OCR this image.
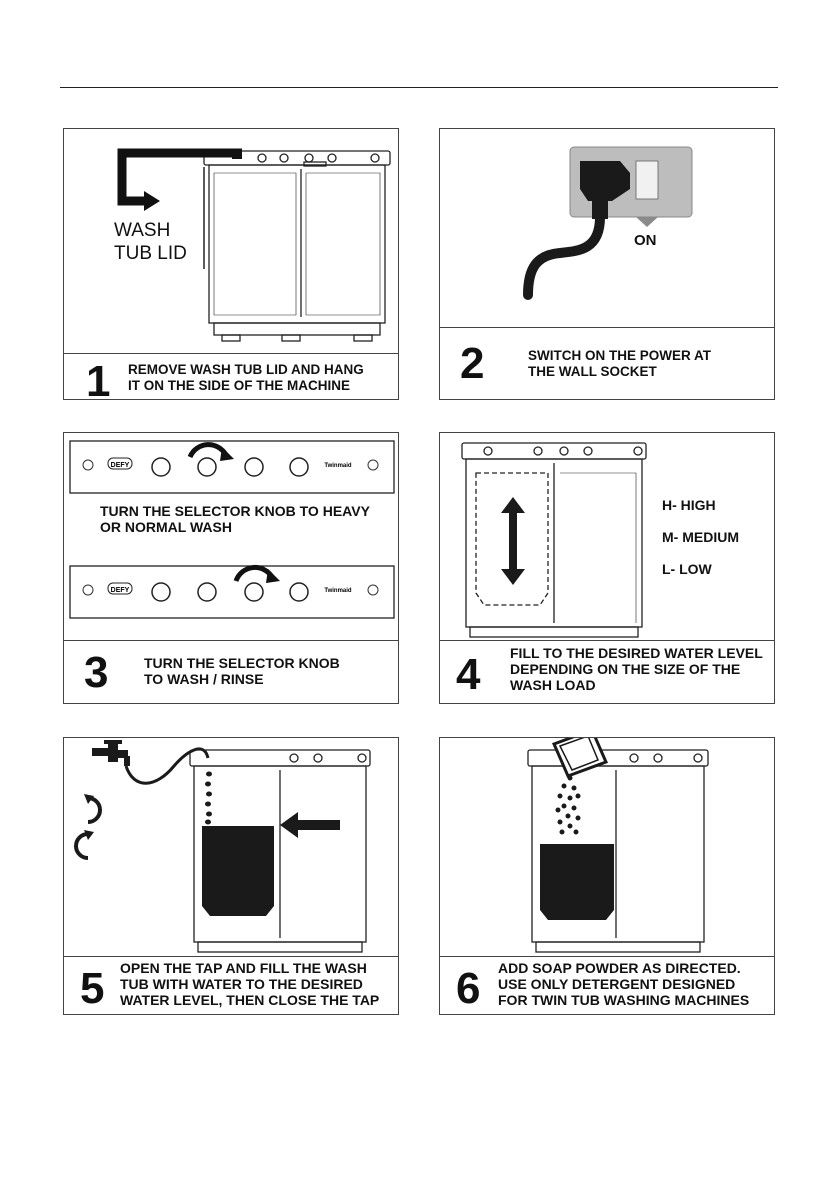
WASH
TUB LID
1 REMOVE WASH TUB LID AND HANG
IT ON THE SIDE OF THE MACHINE
ON
2	SWITCH ON THE POWER AT
THE WALL SOCKET
DEFY	Twinmaid
DEFY	Twinmaid
TURN THE SELECTOR KNOB TO HEAVY
OR NORMAL WASH
3	TURN THE SELECTOR KNOB
TO WASH / RINSE
H- HIGH
M- MEDIUM
L- LOW
4 FILL TO THE DESIRED WATER LEVEL
DEPENDING ON THE SIZE OF THE
WASH LOAD
5 OPEN THE TAP AND FILL THE WASH
TUB WITH WATER TO THE DESIRED
WATER LEVEL, THEN CLOSE THE TAP 6 ADD SOAP POWDER AS DIRECTED.
USE ONLY DETERGENT DESIGNED
FOR TWIN TUB WASHING MACHINES
